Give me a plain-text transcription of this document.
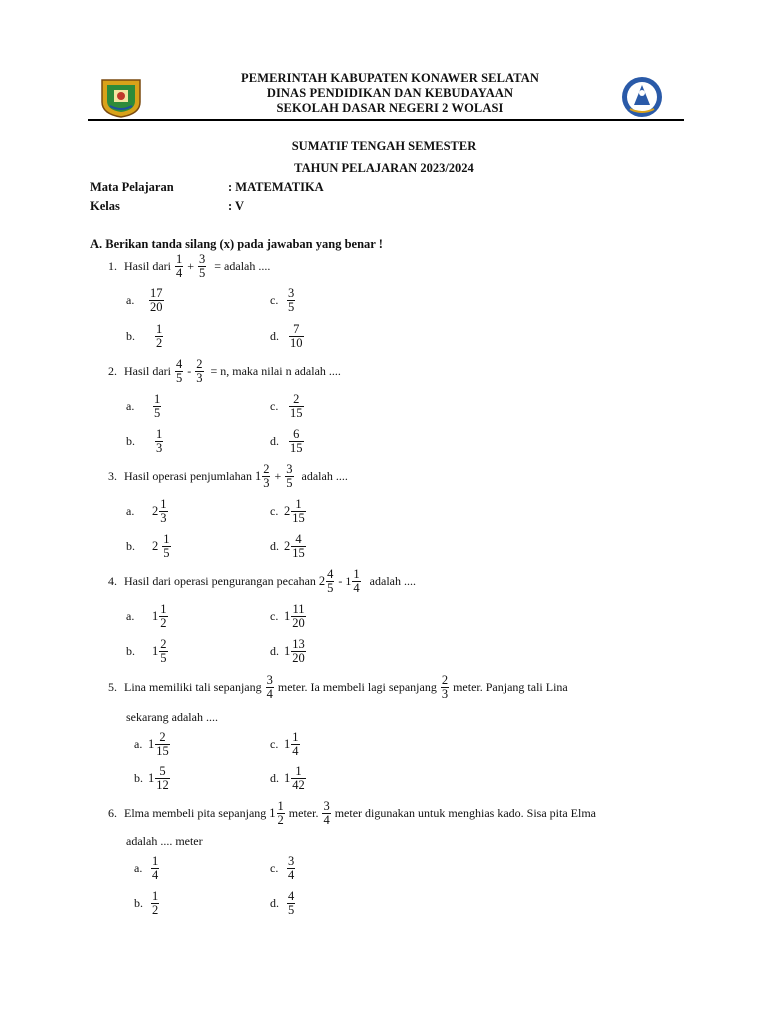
PEMERINTAH KABUPATEN KONAWER SELATAN
DINAS PENDIDIKAN DAN KEBUDAYAAN
SEKOLAH DASAR NEGERI 2 WOLASI
SUMATIF TENGAH SEMESTER
TAHUN PELAJARAN 2023/2024
Mata Pelajaran	: MATEMATIKA
Kelas	: V
A. Berikan tanda silang (x) pada jawaban yang benar !
1. Hasil dari $\frac{1}{4} + \frac{3}{5}$ = adalah ....
a. $\frac{17}{20}$	c. $\frac{3}{5}$
b. $\frac{1}{2}$	d. $\frac{7}{10}$
2. Hasil dari $\frac{4}{5} - \frac{2}{3} = n$, maka nilai n adalah ....
a. $\frac{1}{5}$	c. $\frac{2}{15}$
b. $\frac{1}{3}$	d. $\frac{6}{15}$
3. Hasil operasi penjumlahan $1 \frac{2}{3} + \frac{3}{5}$ adalah ....
a. $2 \frac{1}{3}$	c. $2 \frac{1}{15}$
b. $2 \frac{1}{5}$	d. $2 \frac{4}{15}$
4. Hasil dari operasi pengurangan pecahan $2 \frac{4}{5} - 1 \frac{1}{4}$ adalah ....
a. $1 \frac{1}{2}$	c. $1 \frac{11}{20}$
b. $1 \frac{2}{5}$	d. $1 \frac{13}{20}$
5. Lina memiliki tali sepanjang $\frac{3}{4}$ meter. Ia membeli lagi sepanjang $\frac{2}{3}$ meter. Panjang tali Lina
sekarang adalah ....
a. $1 \frac{2}{15}$	c. $1 \frac{1}{4}$
b. $1 \frac{5}{12}$	d. $1 \frac{1}{42}$
6. Elma membeli pita sepanjang $1 \frac{1}{2}$ meter. $\frac{3}{4}$ meter digunakan untuk menghias kado. Sisa pita Elma
adalah .... meter
a. $\frac{1}{4}$	c. $\frac{3}{4}$
b. $\frac{1}{2}$	d. $\frac{4}{5}$
